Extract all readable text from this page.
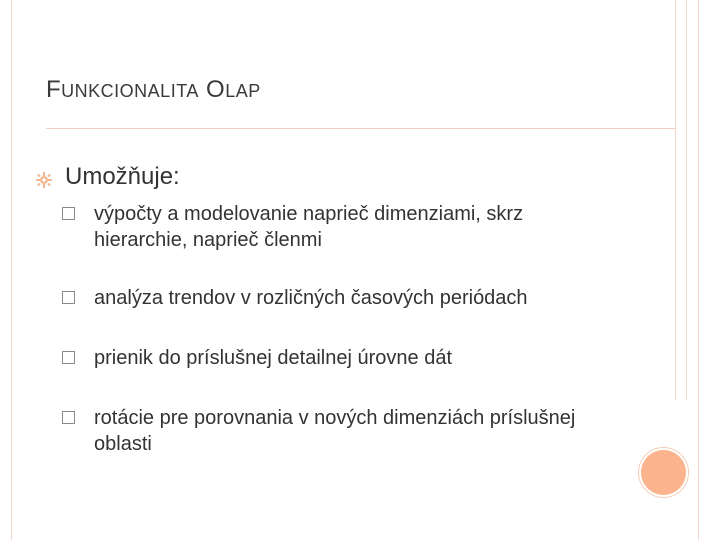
FUNKCIONALITA OLAP
Umožňuje:
výpočty a modelovanie naprieč dimenziami, skrz hierarchie, naprieč členmi
analýza trendov v rozličných časových periódach
prienik do príslušnej detailnej úrovne dát
rotácie pre porovnania v nových dimenziách príslušnej oblasti
